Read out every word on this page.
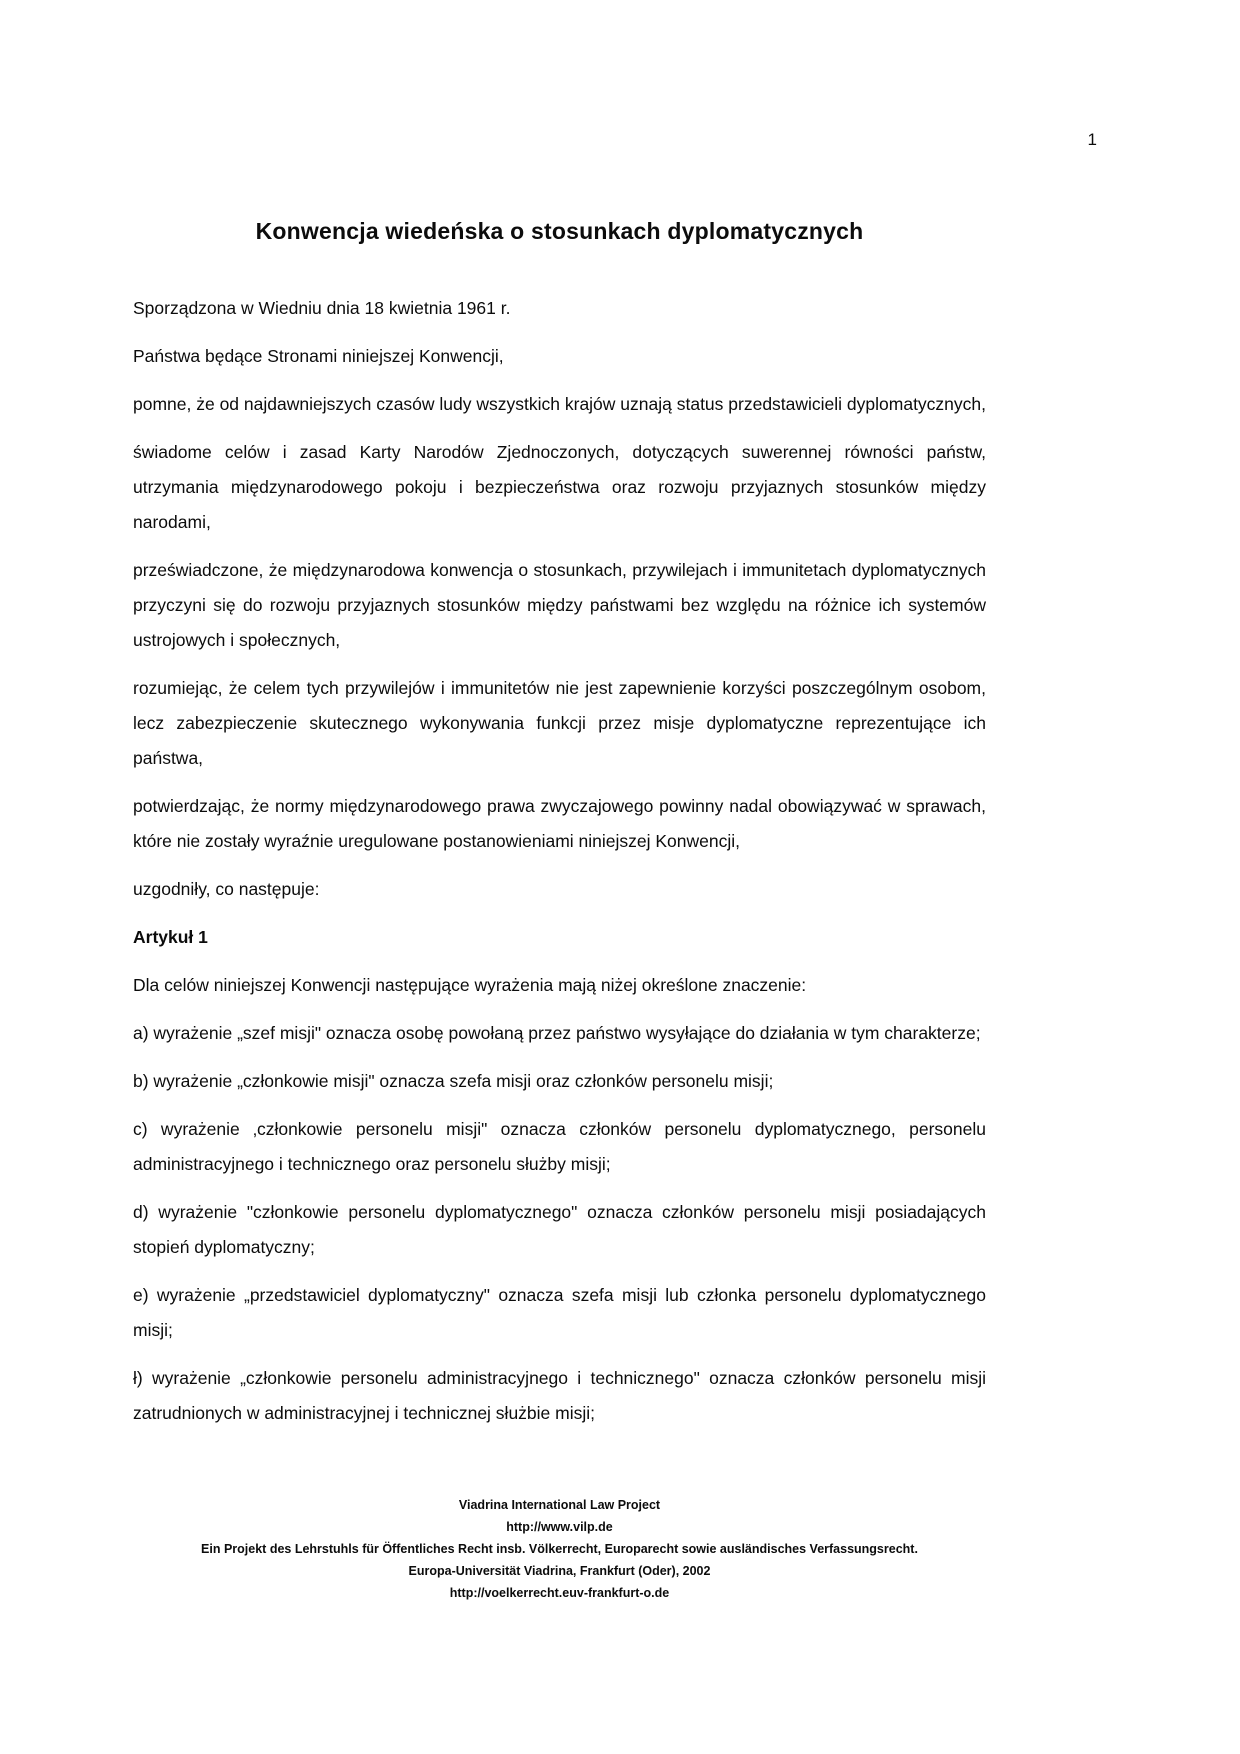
1
Konwencja wiedeńska o stosunkach dyplomatycznych

Sporządzona w Wiedniu dnia 18 kwietnia 1961 r.

Państwa będące Stronami niniejszej Konwencji,

pomne, że od najdawniejszych czasów ludy wszystkich krajów uznają status przedstawicieli dyplomatycznych,

świadome celów i zasad Karty Narodów Zjednoczonych, dotyczących suwerennej równości państw, utrzymania międzynarodowego pokoju i bezpieczeństwa oraz rozwoju przyjaznych stosunków między narodami,

przeświadczone, że międzynarodowa konwencja o stosunkach, przywilejach i immunitetach dyplomatycznych przyczyni się do rozwoju przyjaznych stosunków między państwami bez względu na różnice ich systemów ustrojowych i społecznych,

rozumiejąc, że celem tych przywilejów i immunitetów nie jest zapewnienie korzyści poszczególnym osobom, lecz zabezpieczenie skutecznego wykonywania funkcji przez misje dyplomatyczne reprezentujące ich państwa,

potwierdzając, że normy międzynarodowego prawa zwyczajowego powinny nadal obowiązywać w sprawach, które nie zostały wyraźnie uregulowane postanowieniami niniejszej Konwencji,

uzgodniły, co następuje:

Artykuł 1

Dla celów niniejszej Konwencji następujące wyrażenia mają niżej określone znaczenie:

a) wyrażenie „szef misji" oznacza osobę powołaną przez państwo wysyłające do działania w tym charakterze;

b) wyrażenie „członkowie misji" oznacza szefa misji oraz członków personelu misji;

c) wyrażenie ‚członkowie personelu misji" oznacza członków personelu dyplomatycznego, personelu administracyjnego i technicznego oraz personelu służby misji;

d) wyrażenie "członkowie personelu dyplomatycznego" oznacza członków personelu misji posiadających stopień dyplomatyczny;

e) wyrażenie „przedstawiciel dyplomatyczny" oznacza szefa misji lub członka personelu dyplomatycznego misji;

ł) wyrażenie „członkowie personelu administracyjnego i technicznego" oznacza członków personelu misji zatrudnionych w administracyjnej i technicznej służbie misji;

Viadrina International Law Project
http://www.vilp.de
Ein Projekt des Lehrstuhls für Öffentliches Recht insb. Völkerrecht, Europarecht sowie ausländisches Verfassungsrecht.
Europa-Universität Viadrina, Frankfurt (Oder), 2002
http://voelkerrecht.euv-frankfurt-o.de
